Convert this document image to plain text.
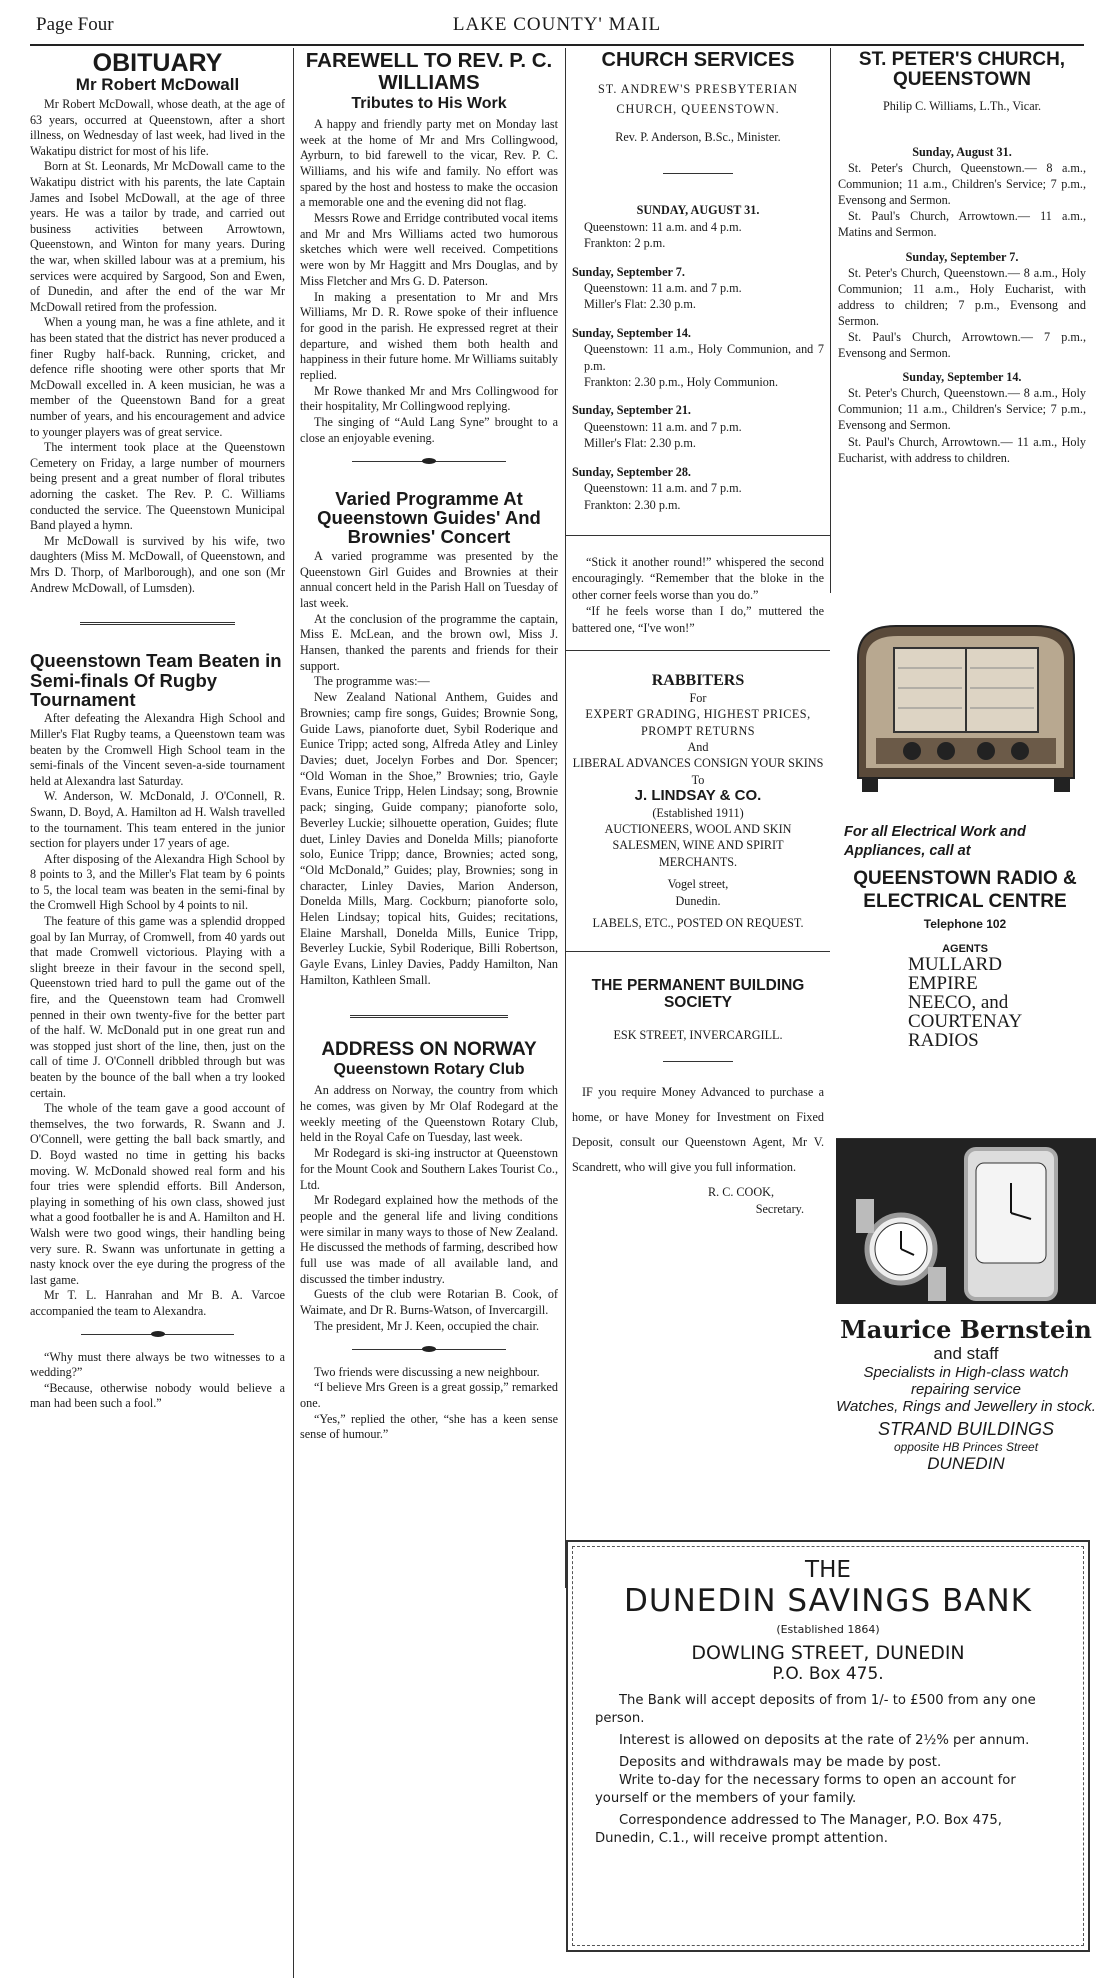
Page Four	LAKE COUNTY' MAIL
OBITUARY
Mr Robert McDowall

Mr Robert McDowall, whose death, at the age of 63 years, occurred at Queenstown, after a short illness, on Wednesday of last week, had lived in the Wakatipu district for most of his life.

Born at St. Leonards, Mr McDowall came to the Wakatipu district with his parents, the late Captain James and Isobel McDowall, at the age of three years. He was a tailor by trade, and carried out business activities between Arrowtown, Queenstown, and Winton for many years. During the war, when skilled labour was at a premium, his services were acquired by Sargood, Son and Ewen, of Dunedin, and after the end of the war Mr McDowall retired from the profession.

When a young man, he was a fine athlete, and it has been stated that the district has never produced a finer Rugby half-back. Running, cricket, and defence rifle shooting were other sports that Mr McDowall excelled in. A keen musician, he was a member of the Queenstown Band for a great number of years, and his encouragement and advice to younger players was of great service.

The interment took place at the Queenstown Cemetery on Friday, a large number of mourners being present and a great number of floral tributes adorning the casket. The Rev. P. C. Williams conducted the service. The Queenstown Municipal Band played a hymn.

Mr McDowall is survived by his wife, two daughters (Miss M. McDowall, of Queenstown, and Mrs D. Thorp, of Marlborough), and one son (Mr Andrew McDowall, of Lumsden).

Queenstown Team Beaten in Semi-finals Of Rugby Tournament

After defeating the Alexandra High School and Miller's Flat Rugby teams, a Queenstown team was beaten by the Cromwell High School team in the semi-finals of the Vincent seven-a-side tournament held at Alexandra last Saturday.

W. Anderson, W. McDonald, J. O'Connell, R. Swann, D. Boyd, A. Hamilton ad H. Walsh travelled to the tournament. This team entered in the junior section for players under 17 years of age.

After disposing of the Alexandra High School by 8 points to 3, and the Miller's Flat team by 6 points to 5, the local team was beaten in the semi-final by the Cromwell High School by 4 points to nil.

The feature of this game was a splendid dropped goal by Ian Murray, of Cromwell, from 40 yards out that made Cromwell victorious. Playing with a slight breeze in their favour in the second spell, Queenstown tried hard to pull the game out of the fire, and the Queenstown team had Cromwell penned in their own twenty-five for the better part of the half. W. McDonald put in one great run and was stopped just short of the line, then, just on the call of time J. O'Connell dribbled through but was beaten by the bounce of the ball when a try looked certain.

The whole of the team gave a good account of themselves, the two forwards, R. Swann and J. O'Connell, were getting the ball back smartly, and D. Boyd wasted no time in getting his backs moving. W. McDonald showed real form and his four tries were splendid efforts. Bill Anderson, playing in something of his own class, showed just what a good footballer he is and A. Hamilton and H. Walsh were two good wings, their handling being very sure. R. Swann was unfortunate in getting a nasty knock over the eye during the progress of the last game.

Mr T. L. Hanrahan and Mr B. A. Varcoe accompanied the team to Alexandra.

“Why must there always be two witnesses to a wedding?”

“Because, otherwise nobody would believe a man had been such a fool.”

FAREWELL TO REV. P. C. WILLIAMS
Tributes to His Work

A happy and friendly party met on Monday last week at the home of Mr and Mrs Collingwood, Ayrburn, to bid farewell to the vicar, Rev. P. C. Williams, and his wife and family. No effort was spared by the host and hostess to make the occasion a memorable one and the evening did not flag.

Messrs Rowe and Erridge contributed vocal items and Mr and Mrs Williams acted two humorous sketches which were well received. Competitions were won by Mr Haggitt and Mrs Douglas, and by Miss Fletcher and Mrs G. D. Paterson.

In making a presentation to Mr and Mrs Williams, Mr D. R. Rowe spoke of their influence for good in the parish. He expressed regret at their departure, and wished them both health and happiness in their future home. Mr Williams suitably replied.

Mr Rowe thanked Mr and Mrs Collingwood for their hospitality, Mr Collingwood replying.

The singing of “Auld Lang Syne” brought to a close an enjoyable evening.

Varied Programme At Queenstown Guides' And Brownies' Concert

A varied programme was presented by the Queenstown Girl Guides and Brownies at their annual concert held in the Parish Hall on Tuesday of last week.

At the conclusion of the programme the captain, Miss E. McLean, and the brown owl, Miss J. Hansen, thanked the parents and friends for their support.

The programme was:—

New Zealand National Anthem, Guides and Brownies; camp fire songs, Guides; Brownie Song, Guide Laws, pianoforte duet, Sybil Roderique and Eunice Tripp; acted song, Alfreda Atley and Linley Davies; duet, Jocelyn Forbes and Dor. Spencer; “Old Woman in the Shoe,” Brownies; trio, Gayle Evans, Eunice Tripp, Helen Lindsay; song, Brownie pack; singing, Guide company; pianoforte solo, Beverley Luckie; silhouette operation, Guides; flute duet, Linley Davies and Donelda Mills; pianoforte solo, Eunice Tripp; dance, Brownies; acted song, “Old McDonald,” Guides; play, Brownies; song in character, Linley Davies, Marion Anderson, Donelda Mills, Marg. Cockburn; pianoforte solo, Helen Lindsay; topical hits, Guides; recitations, Elaine Marshall, Donelda Mills, Eunice Tripp, Beverley Luckie, Sybil Roderique, Billi Robertson, Gayle Evans, Linley Davies, Paddy Hamilton, Nan Hamilton, Kathleen Small.

ADDRESS ON NORWAY
Queenstown Rotary Club

An address on Norway, the country from which he comes, was given by Mr Olaf Rodegard at the weekly meeting of the Queenstown Rotary Club, held in the Royal Cafe on Tuesday, last week.

Mr Rodegard is ski-ing instructor at Queenstown for the Mount Cook and Southern Lakes Tourist Co., Ltd.

Mr Rodegard explained how the methods of the people and the general life and living conditions were similar in many ways to those of New Zealand. He discussed the methods of farming, described how full use was made of all available land, and discussed the timber industry.

Guests of the club were Rotarian B. Cook, of Waimate, and Dr R. Burns-Watson, of Invercargill.

The president, Mr J. Keen, occupied the chair.

Two friends were discussing a new neighbour.

“I believe Mrs Green is a great gossip,” remarked one.

“Yes,” replied the other, “she has a keen sense sense of humour.”

CHURCH SERVICES

ST. ANDREW'S PRESBYTERIAN CHURCH, QUEENSTOWN.

Rev. P. Anderson, B.Sc., Minister.

SUNDAY, AUGUST 31.

Queenstown: 11 a.m. and 4 p.m.

Frankton: 2 p.m.

Sunday, September 7.

Queenstown: 11 a.m. and 7 p.m.

Miller's Flat: 2.30 p.m.

Sunday, September 14.

Queenstown: 11 a.m., Holy Communion, and 7 p.m.

Frankton: 2.30 p.m., Holy Communion.

Sunday, September 21.

Queenstown: 11 a.m. and 7 p.m.

Miller's Flat: 2.30 p.m.

Sunday, September 28.

Queenstown: 11 a.m. and 7 p.m.

Frankton: 2.30 p.m.

“Stick it another round!” whispered the second encouragingly. “Remember that the bloke in the other corner feels worse than you do.”

“If he feels worse than I do,” muttered the battered one, “I've won!”

RABBITERS
For
EXPERT GRADING, HIGHEST PRICES, PROMPT RETURNS
And
LIBERAL ADVANCES CONSIGN YOUR SKINS
To
J. LINDSAY & CO.
(Established 1911)
AUCTIONEERS, WOOL AND SKIN SALESMEN, WINE AND SPIRIT MERCHANTS.
Vogel street,
Dunedin.
LABELS, ETC., POSTED ON REQUEST.
THE PERMANENT BUILDING SOCIETY

ESK STREET, INVERCARGILL.

IF you require Money Advanced to purchase a home, or have Money for Investment on Fixed Deposit, consult our Queenstown Agent, Mr V. Scandrett, who will give you full information.

R. C. COOK,

Secretary.

ST. PETER'S CHURCH, QUEENSTOWN

Philip C. Williams, L.Th., Vicar.

Sunday, August 31.

St. Peter's Church, Queenstown.— 8 a.m., Communion; 11 a.m., Children's Service; 7 p.m., Evensong and Sermon.

St. Paul's Church, Arrowtown.— 11 a.m., Matins and Sermon.

Sunday, September 7.

St. Peter's Church, Queenstown.— 8 a.m., Holy Communion; 11 a.m., Holy Eucharist, with address to children; 7 p.m., Evensong and Sermon.

St. Paul's Church, Arrowtown.— 7 p.m., Evensong and Sermon.

Sunday, September 14.

St. Peter's Church, Queenstown.— 8 a.m., Holy Communion; 11 a.m., Children's Service; 7 p.m., Evensong and Sermon.

St. Paul's Church, Arrowtown.— 11 a.m., Holy Eucharist, with address to children.

For all Electrical Work and Appliances, call at
QUEENSTOWN RADIO & ELECTRICAL CENTRE
Telephone 102
AGENTS
MULLARD
EMPIRE
NEECO, and
COURTENAY
RADIOS
Maurice Bernstein
and staff
Specialists in High-class watch repairing service
Watches, Rings and Jewellery in stock.
STRAND BUILDINGS
opposite HB Princes Street
DUNEDIN
THE
DUNEDIN SAVINGS BANK
(Established 1864)
DOWLING STREET, DUNEDIN
P.O. Box 475.

The Bank will accept deposits of from 1/- to £500 from any one person.

Interest is allowed on deposits at the rate of 2½% per annum.

Deposits and withdrawals may be made by post.

Write to-day for the necessary forms to open an account for yourself or the members of your family.

Correspondence addressed to The Manager, P.O. Box 475, Dunedin, C.1., will receive prompt attention.
